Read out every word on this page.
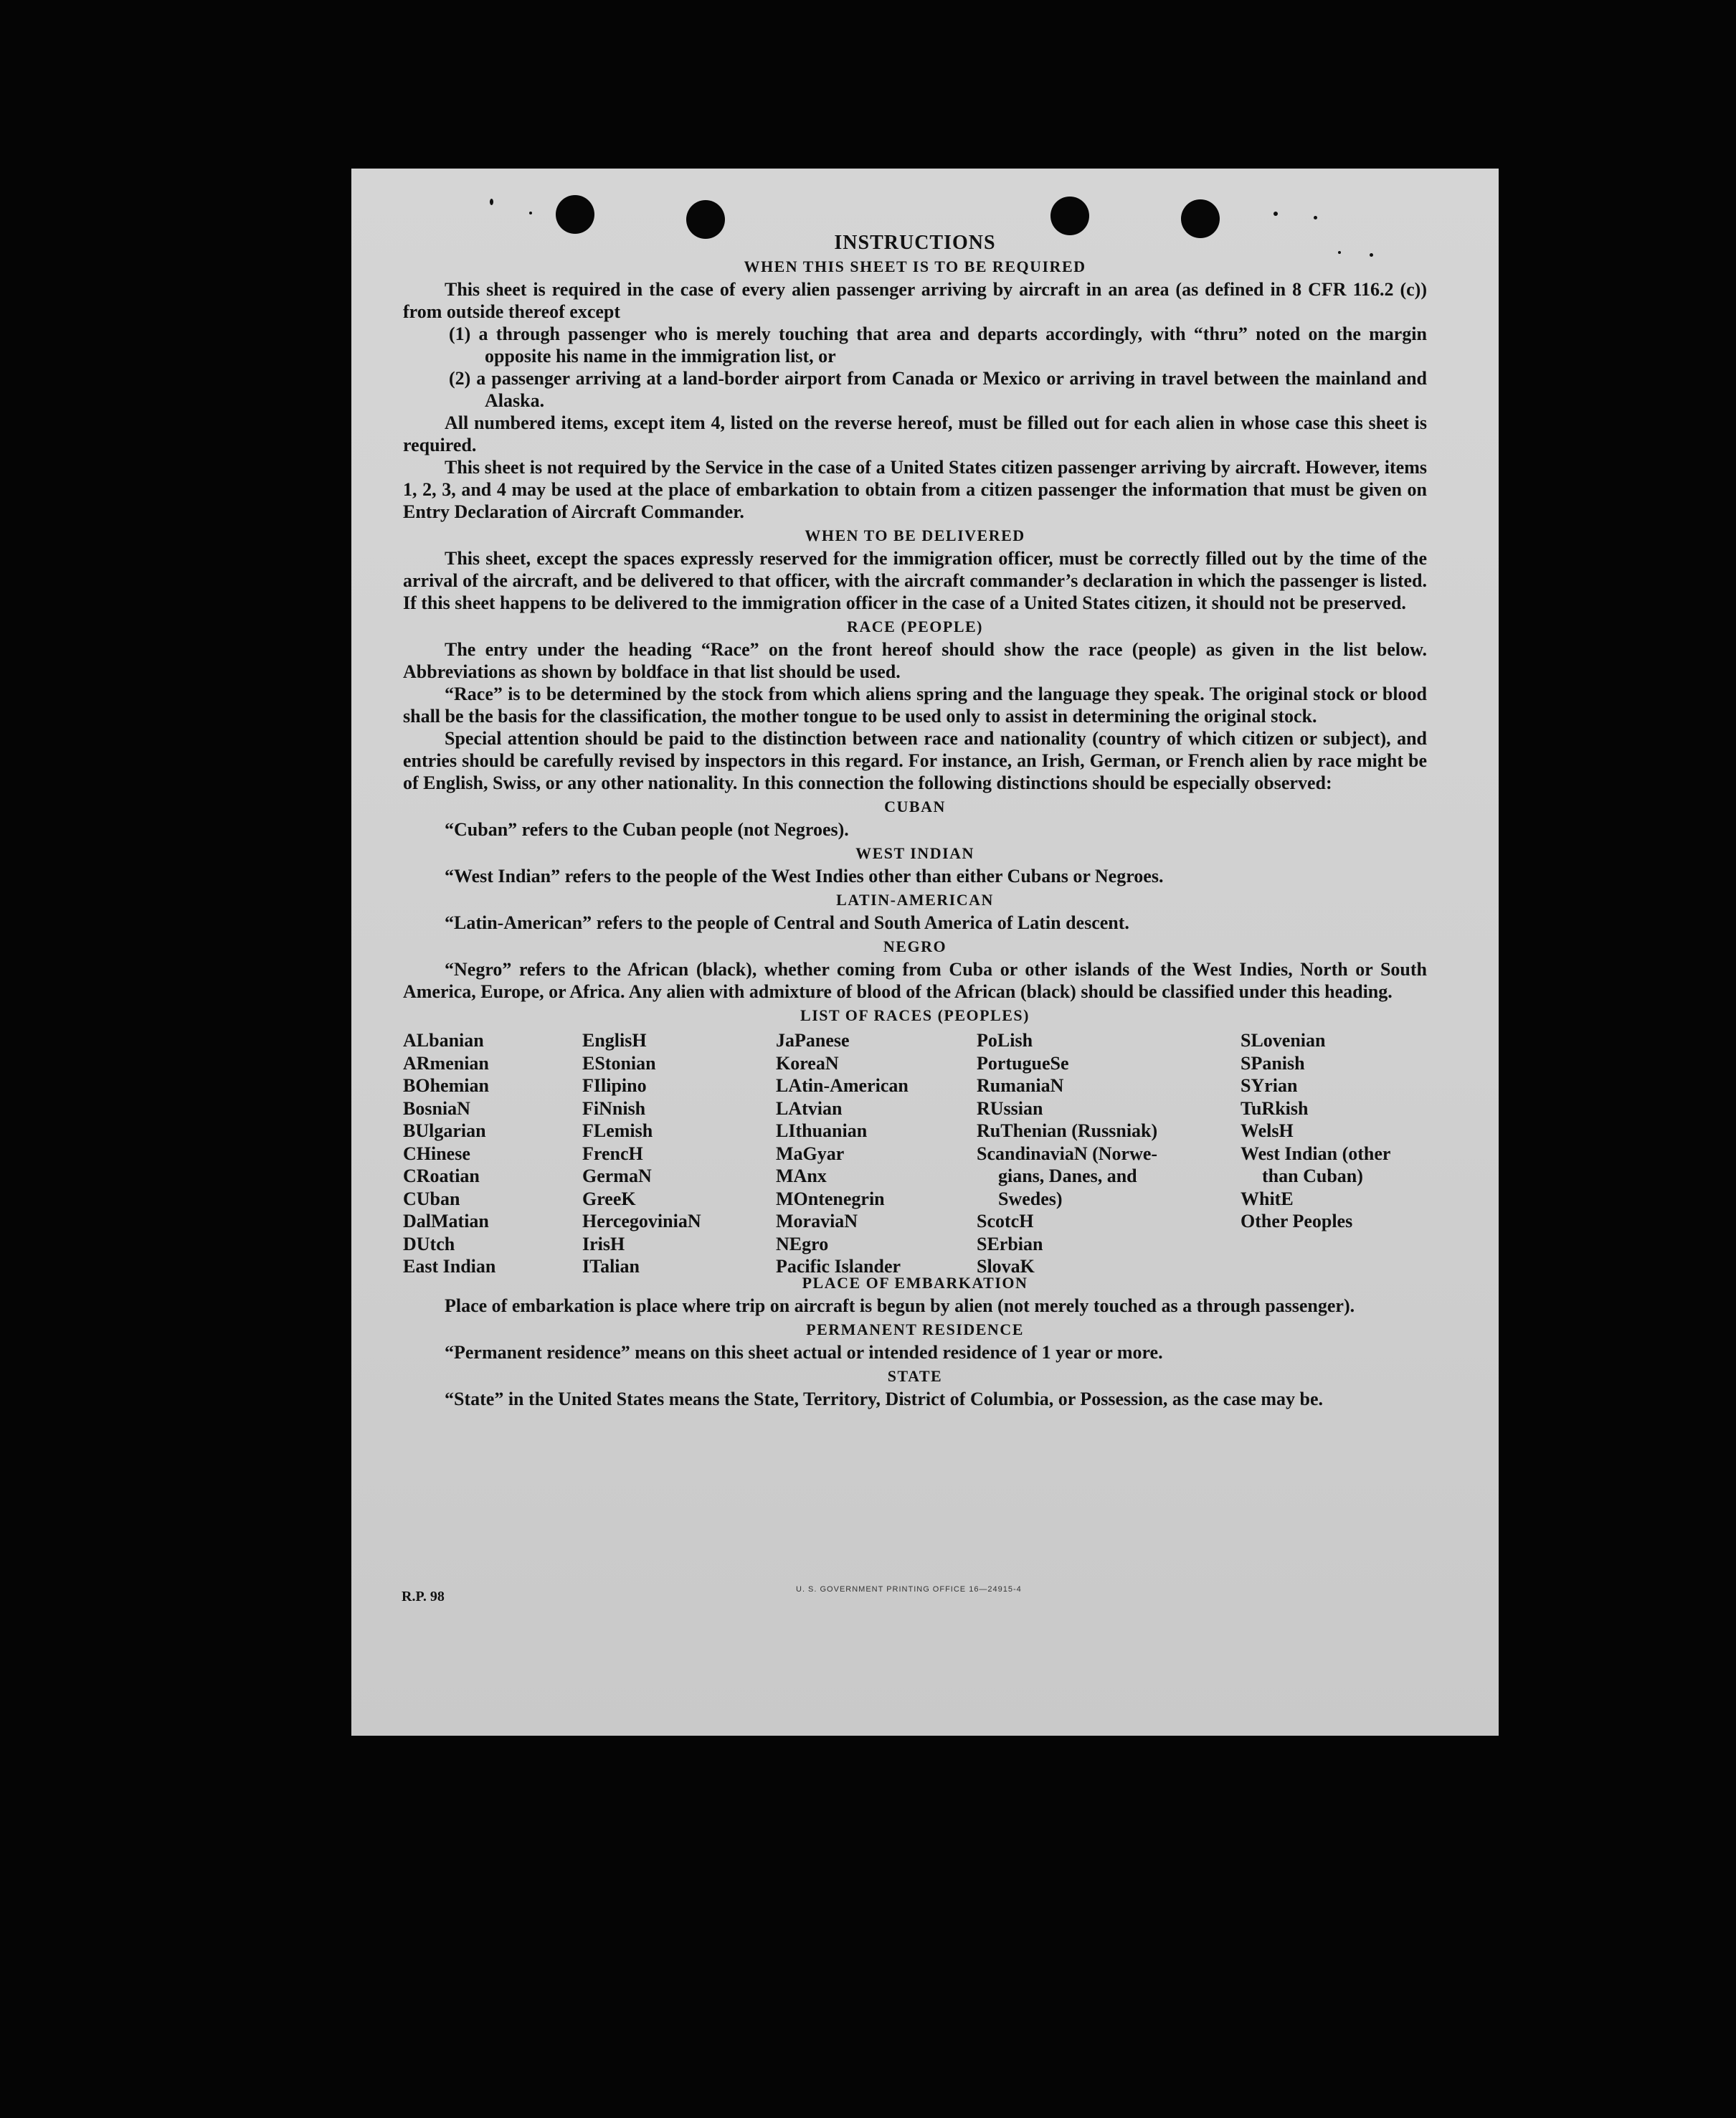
INSTRUCTIONS
WHEN THIS SHEET IS TO BE REQUIRED

This sheet is required in the case of every alien passenger arriving by aircraft in an area (as defined in 8 CFR 116.2 (c)) from outside thereof except

(1) a through passenger who is merely touching that area and departs accordingly, with “thru” noted on the margin opposite his name in the immigration list, or

(2) a passenger arriving at a land-border airport from Canada or Mexico or arriving in travel between the mainland and Alaska.

All numbered items, except item 4, listed on the reverse hereof, must be filled out for each alien in whose case this sheet is required.

This sheet is not required by the Service in the case of a United States citizen passenger arriving by aircraft. However, items 1, 2, 3, and 4 may be used at the place of embarkation to obtain from a citizen passenger the information that must be given on Entry Declaration of Aircraft Commander.

WHEN TO BE DELIVERED

This sheet, except the spaces expressly reserved for the immigration officer, must be correctly filled out by the time of the arrival of the aircraft, and be delivered to that officer, with the aircraft commander’s declaration in which the passenger is listed. If this sheet happens to be delivered to the immigration officer in the case of a United States citizen, it should not be preserved.

RACE (PEOPLE)

The entry under the heading “Race” on the front hereof should show the race (people) as given in the list below. Abbreviations as shown by boldface in that list should be used.

“Race” is to be determined by the stock from which aliens spring and the language they speak. The original stock or blood shall be the basis for the classification, the mother tongue to be used only to assist in determining the original stock.

Special attention should be paid to the distinction between race and nationality (country of which citizen or subject), and entries should be carefully revised by inspectors in this regard. For instance, an Irish, German, or French alien by race might be of English, Swiss, or any other nationality. In this connection the following distinctions should be especially observed:

CUBAN

“Cuban” refers to the Cuban people (not Negroes).

WEST INDIAN

“West Indian” refers to the people of the West Indies other than either Cubans or Negroes.

LATIN-AMERICAN

“Latin-American” refers to the people of Central and South America of Latin descent.

NEGRO

“Negro” refers to the African (black), whether coming from Cuba or other islands of the West Indies, North or South America, Europe, or Africa. Any alien with admixture of blood of the African (black) should be classified under this heading.

LIST OF RACES (PEOPLES)
ALbanian
ARmenian
BOhemian
BosniaN
BUlgarian
CHinese
CRoatian
CUban
DalMatian
DUtch
East Indian
EnglisH
EStonian
FIlipino
FiNnish
FLemish
FrencH
GermaN
GreeK
HercegoviniaN
IrisH
ITalian
JaPanese
KoreaN
LAtin-American
LAtvian
LIthuanian
MaGyar
MAnx
MOntenegrin
MoraviaN
NEgro
Pacific Islander
PoLish
PortugueSe
RumaniaN
RUssian
RuThenian (Russniak)
ScandinaviaN (Norwe-
gians, Danes, and
Swedes)
ScotcH
SErbian
SlovaK
SLovenian
SPanish
SYrian
TuRkish
WelsH
West Indian (other
than Cuban)
WhitE
Other Peoples
PLACE OF EMBARKATION

Place of embarkation is place where trip on aircraft is begun by alien (not merely touched as a through passenger).

PERMANENT RESIDENCE

“Permanent residence” means on this sheet actual or intended residence of 1 year or more.

STATE

“State” in the United States means the State, Territory, District of Columbia, or Possession, as the case may be.

R.P. 98	U. S. GOVERNMENT PRINTING OFFICE 16—24915-4
